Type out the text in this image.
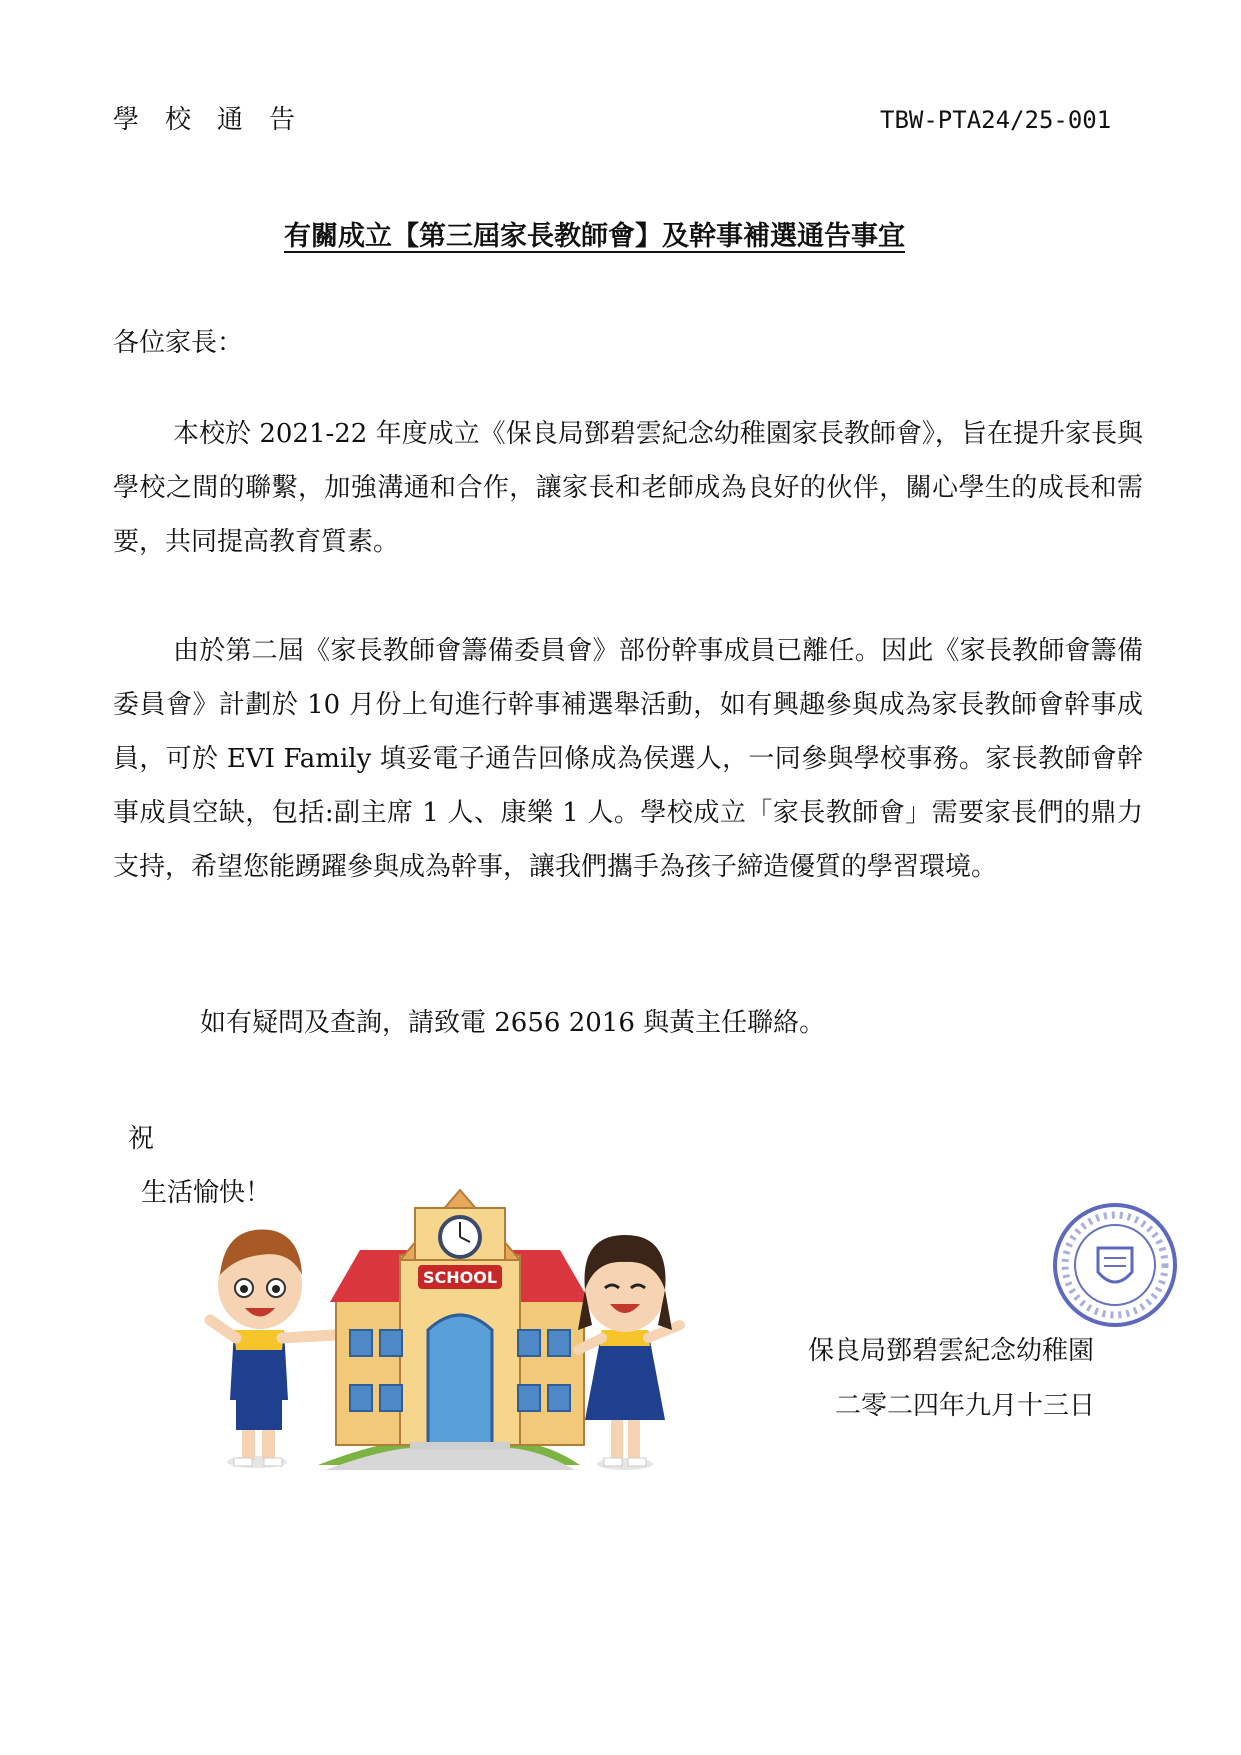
學校通告	TBW-PTA24/25-001
有關成立【第三屆家長教師會】及幹事補選通告事宜
各位家長：
本校於 2021-22 年度成立《保良局鄧碧雲紀念幼稚園家長教師會》，旨在提升家長與學校之間的聯繫，加強溝通和合作，讓家長和老師成為良好的伙伴，關心學生的成長和需要，共同提高教育質素。
由於第二屆《家長教師會籌備委員會》部份幹事成員已離任。因此《家長教師會籌備委員會》計劃於 10 月份上旬進行幹事補選舉活動，如有興趣參與成為家長教師會幹事成員，可於 EVI Family 填妥電子通告回條成為侯選人，一同參與學校事務。家長教師會幹事成員空缺，包括:副主席 1 人、康樂 1 人。學校成立「家長教師會」需要家長們的鼎力支持，希望您能踴躍參與成為幹事，讓我們攜手為孩子締造優質的學習環境。
如有疑問及查詢，請致電 2656 2016 與黃主任聯絡。
祝
生活愉快！
SCHOOL
保良局鄧碧雲紀念幼稚園
二零二四年九月十三日
